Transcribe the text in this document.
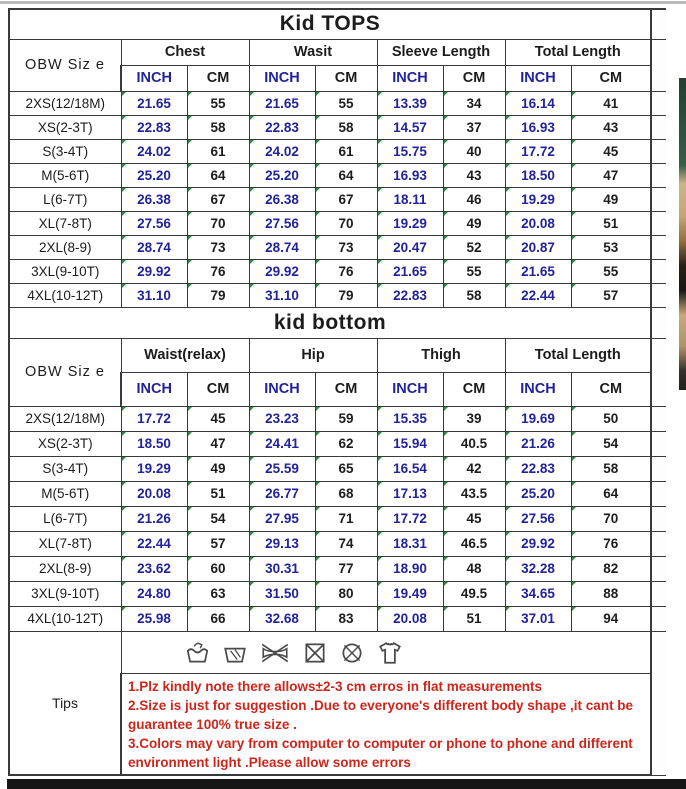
Kid TOPS									
OBW Siz e	Chest		Wasit		Sleeve Length		Total Length		
	INCH	CM	INCH	CM	INCH	CM	INCH	CM	
2XS(12/18M)	21.65	55	21.65	55	13.39	34	16.14	41	
XS(2-3T)	22.83	58	22.83	58	14.57	37	16.93	43	
S(3-4T)	24.02	61	24.02	61	15.75	40	17.72	45	
M(5-6T)	25.20	64	25.20	64	16.93	43	18.50	47	
L(6-7T)	26.38	67	26.38	67	18.11	46	19.29	49	
XL(7-8T)	27.56	70	27.56	70	19.29	49	20.08	51	
2XL(8-9)	28.74	73	28.74	73	20.47	52	20.87	53	
3XL(9-10T)	29.92	76	29.92	76	21.65	55	21.65	55	
4XL(10-12T)	31.10	79	31.10	79	22.83	58	22.44	57	
kid bottom									
OBW Siz e	Waist(relax)		Hip		Thigh		Total Length		
	INCH	CM	INCH	CM	INCH	CM	INCH	CM	
2XS(12/18M)	17.72	45	23.23	59	15.35	39	19.69	50	
XS(2-3T)	18.50	47	24.41	62	15.94	40.5	21.26	54	
S(3-4T)	19.29	49	25.59	65	16.54	42	22.83	58	
M(5-6T)	20.08	51	26.77	68	17.13	43.5	25.20	64	
L(6-7T)	21.26	54	27.95	71	17.72	45	27.56	70	
XL(7-8T)	22.44	57	29.13	74	18.31	46.5	29.92	76	
2XL(8-9)	23.62	60	30.31	77	18.90	48	32.28	82	
3XL(9-10T)	24.80	63	31.50	80	19.49	49.5	34.65	88	
4XL(10-12T)	25.98	66	32.68	83	20.08	51	37.01	94	
Tips	

	1.Plz kindly note there allows±2-3 cm erros in flat measurements

2.Size is just for suggestion .Due to everyone's different body shape ,it cant be guarantee 100% true size .

3.Colors may vary from computer to computer or phone to phone and different environment light .Please allow some errors								
